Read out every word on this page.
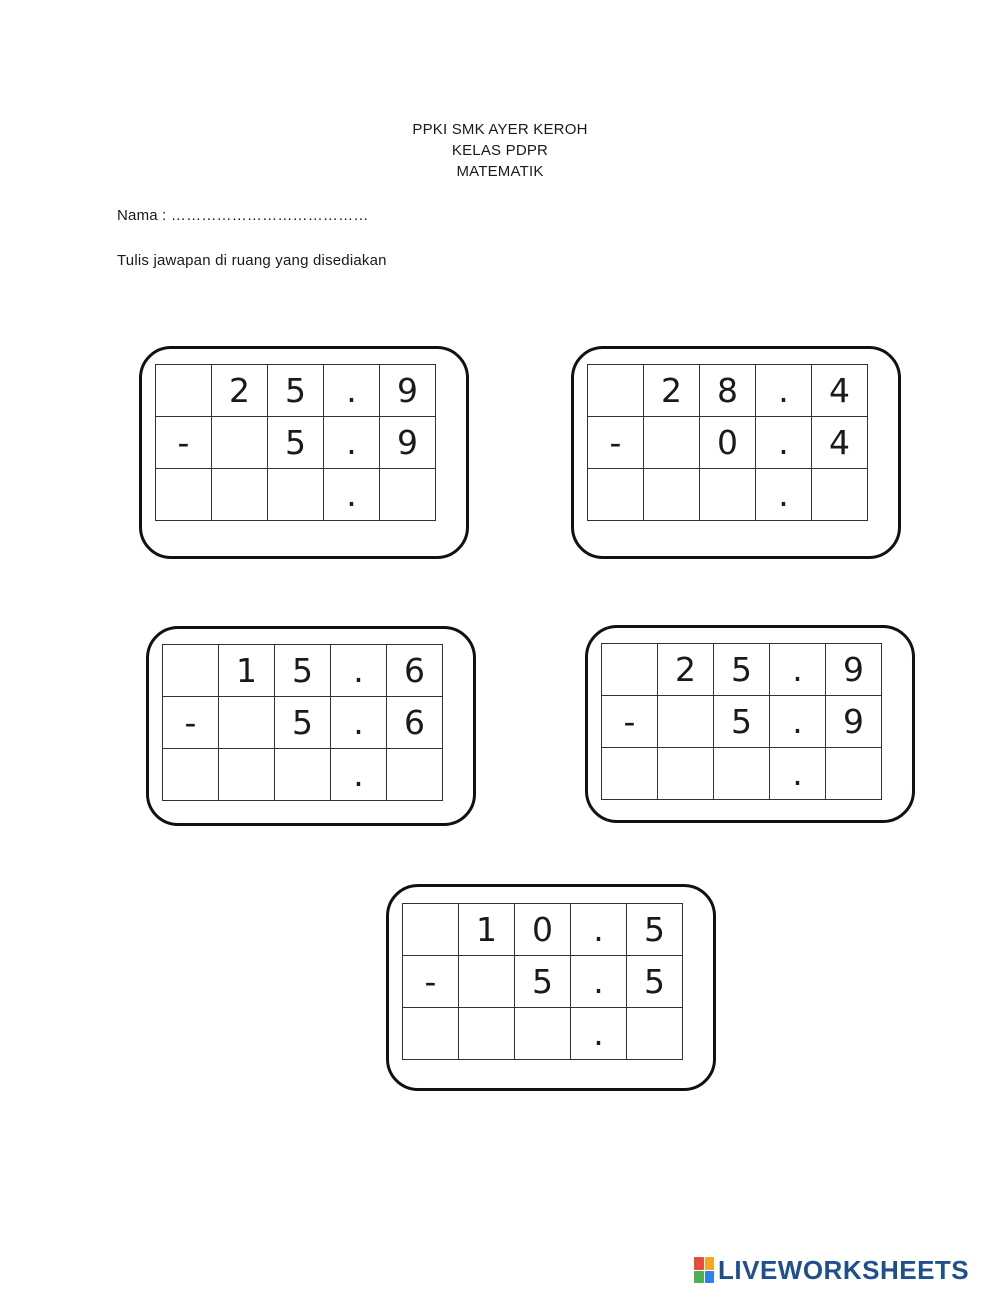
PPKI SMK AYER KEROH
KELAS PDPR
MATEMATIK
Nama : …………………………………
Tulis jawapan di ruang yang disediakan
	2	5	.	9
-		5	.	9
			.	
	2	8	.	4
-		0	.	4
			.	
	1	5	.	6
-		5	.	6
			.	
	2	5	.	9
-		5	.	9
			.	
	1	0	.	5
-		5	.	5
			.	
LIVEWORKSHEETS
